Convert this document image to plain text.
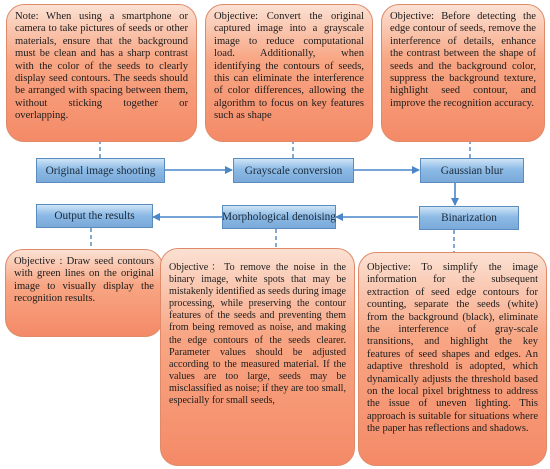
Note: When using a smartphone or camera to take pictures of seeds or other materials, ensure that the background must be clean and has a sharp contrast with the color of the seeds to clearly display seed contours. The seeds should be arranged with spacing between them, without sticking together or overlapping.
Objective: Convert the original captured image into a grayscale image to reduce computational load. Additionally, when identifying the contours of seeds, this can eliminate the interference of color differences, allowing the algorithm to focus on key features such as shape
Objective: Before detecting the edge contour of seeds, remove the interference of details, enhance the contrast between the shape of seeds and the background color, suppress the background texture, highlight seed contour, and improve the recognition accuracy.
Original image shooting	Grayscale conversion	Gaussian blur
Binarization
Morphological denoising
Output the results
Objective : Draw seed contours with green lines on the original image to visually display the recognition results.
Objective：To remove the noise in the binary image, white spots that may be mistakenly identified as seeds during image processing, while preserving the contour features of the seeds and preventing them from being removed as noise, and making the edge contours of the seeds clearer. Parameter values should be adjusted according to the measured material. If the values are too large, seeds may be misclassified as noise; if they are too small, especially for small seeds,
Objective: To simplify the image information for the subsequent extraction of seed edge contours for counting, separate the seeds (white) from the background (black), eliminate the interference of gray-scale transitions, and highlight the key features of seed shapes and edges. An adaptive threshold is adopted, which dynamically adjusts the threshold based on the local pixel brightness to address the issue of uneven lighting. This approach is suitable for situations where the paper has reflections and shadows.
